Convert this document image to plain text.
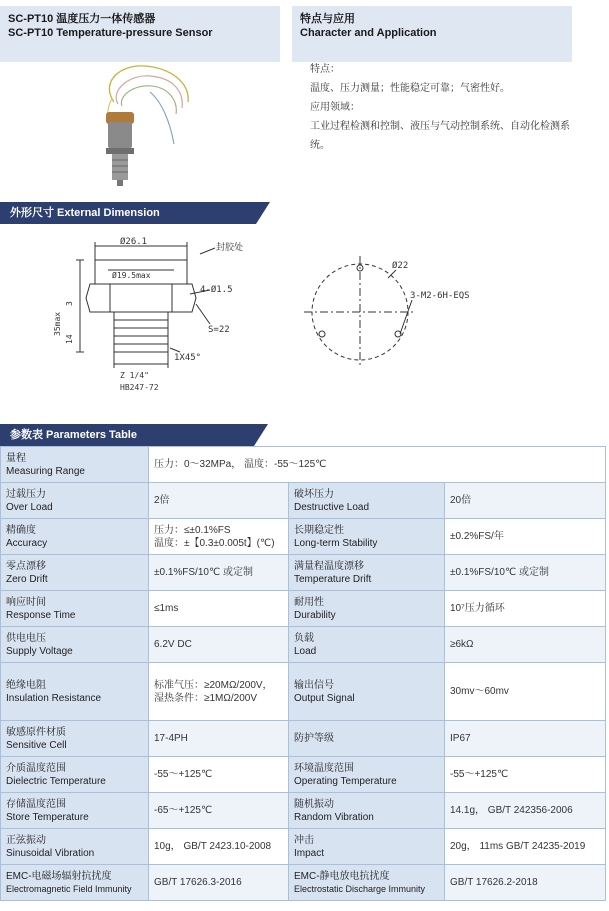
SC-PT10 温度压力一体传感器
SC-PT10 Temperature-pressure Sensor
特点与应用
Character and Application

特点：

温度、压力测量；性能稳定可靠；气密性好。

应用领域：

工业过程检测和控制、液压与气动控制系统、自动化检测系统。

外形尺寸 External Dimension
Ø26.1
Ø19.5max
封胶处
4-Ø1.5
S=22
1X45°
Z 1/4"
HB247-72
35max
14
3
Ø22
3-M2-6H-EQS
参数表 Parameters Table
量程
Measuring Range	压力：0～32MPa， 温度：-55～125℃		

过载压力
Over Load	2倍	破坏压力
Destructive Load	20倍

精确度
Accuracy	压力：≤±0.1%FS
温度：±【0.3±0.005t】(℃)	长期稳定性
Long-term Stability	±0.2%FS/年

零点漂移
Zero Drift	±0.1%FS/10℃ 或定制	满量程温度漂移
Temperature Drift	±0.1%FS/10℃ 或定制

响应时间
Response Time	≤1ms	耐用性
Durability	10⁷压力循环

供电电压
Supply Voltage	6.2V DC	负载
Load	≥6kΩ

绝缘电阻
Insulation Resistance	标准气压：≥20MΩ/200V，
湿热条件：≥1MΩ/200V	输出信号
Output Signal	30mv～60mv

敏感原件材质
Sensitive Cell	17-4PH	防护等级	IP67

介质温度范围
Dielectric Temperature	-55～+125℃	环境温度范围
Operating Temperature	-55～+125℃

存储温度范围
Store Temperature	-65～+125℃	随机振动
Random Vibration	14.1g， GB/T 242356-2006

正弦振动
Sinusoidal Vibration	10g， GB/T 2423.10-2008	冲击
Impact	20g， 11ms GB/T 24235-2019

EMC-电磁场辐射抗扰度
Electromagnetic Field Immunity	GB/T 17626.3-2016	EMC-静电放电抗扰度
Electrostatic Discharge Immunity	GB/T 17626.2-2018
